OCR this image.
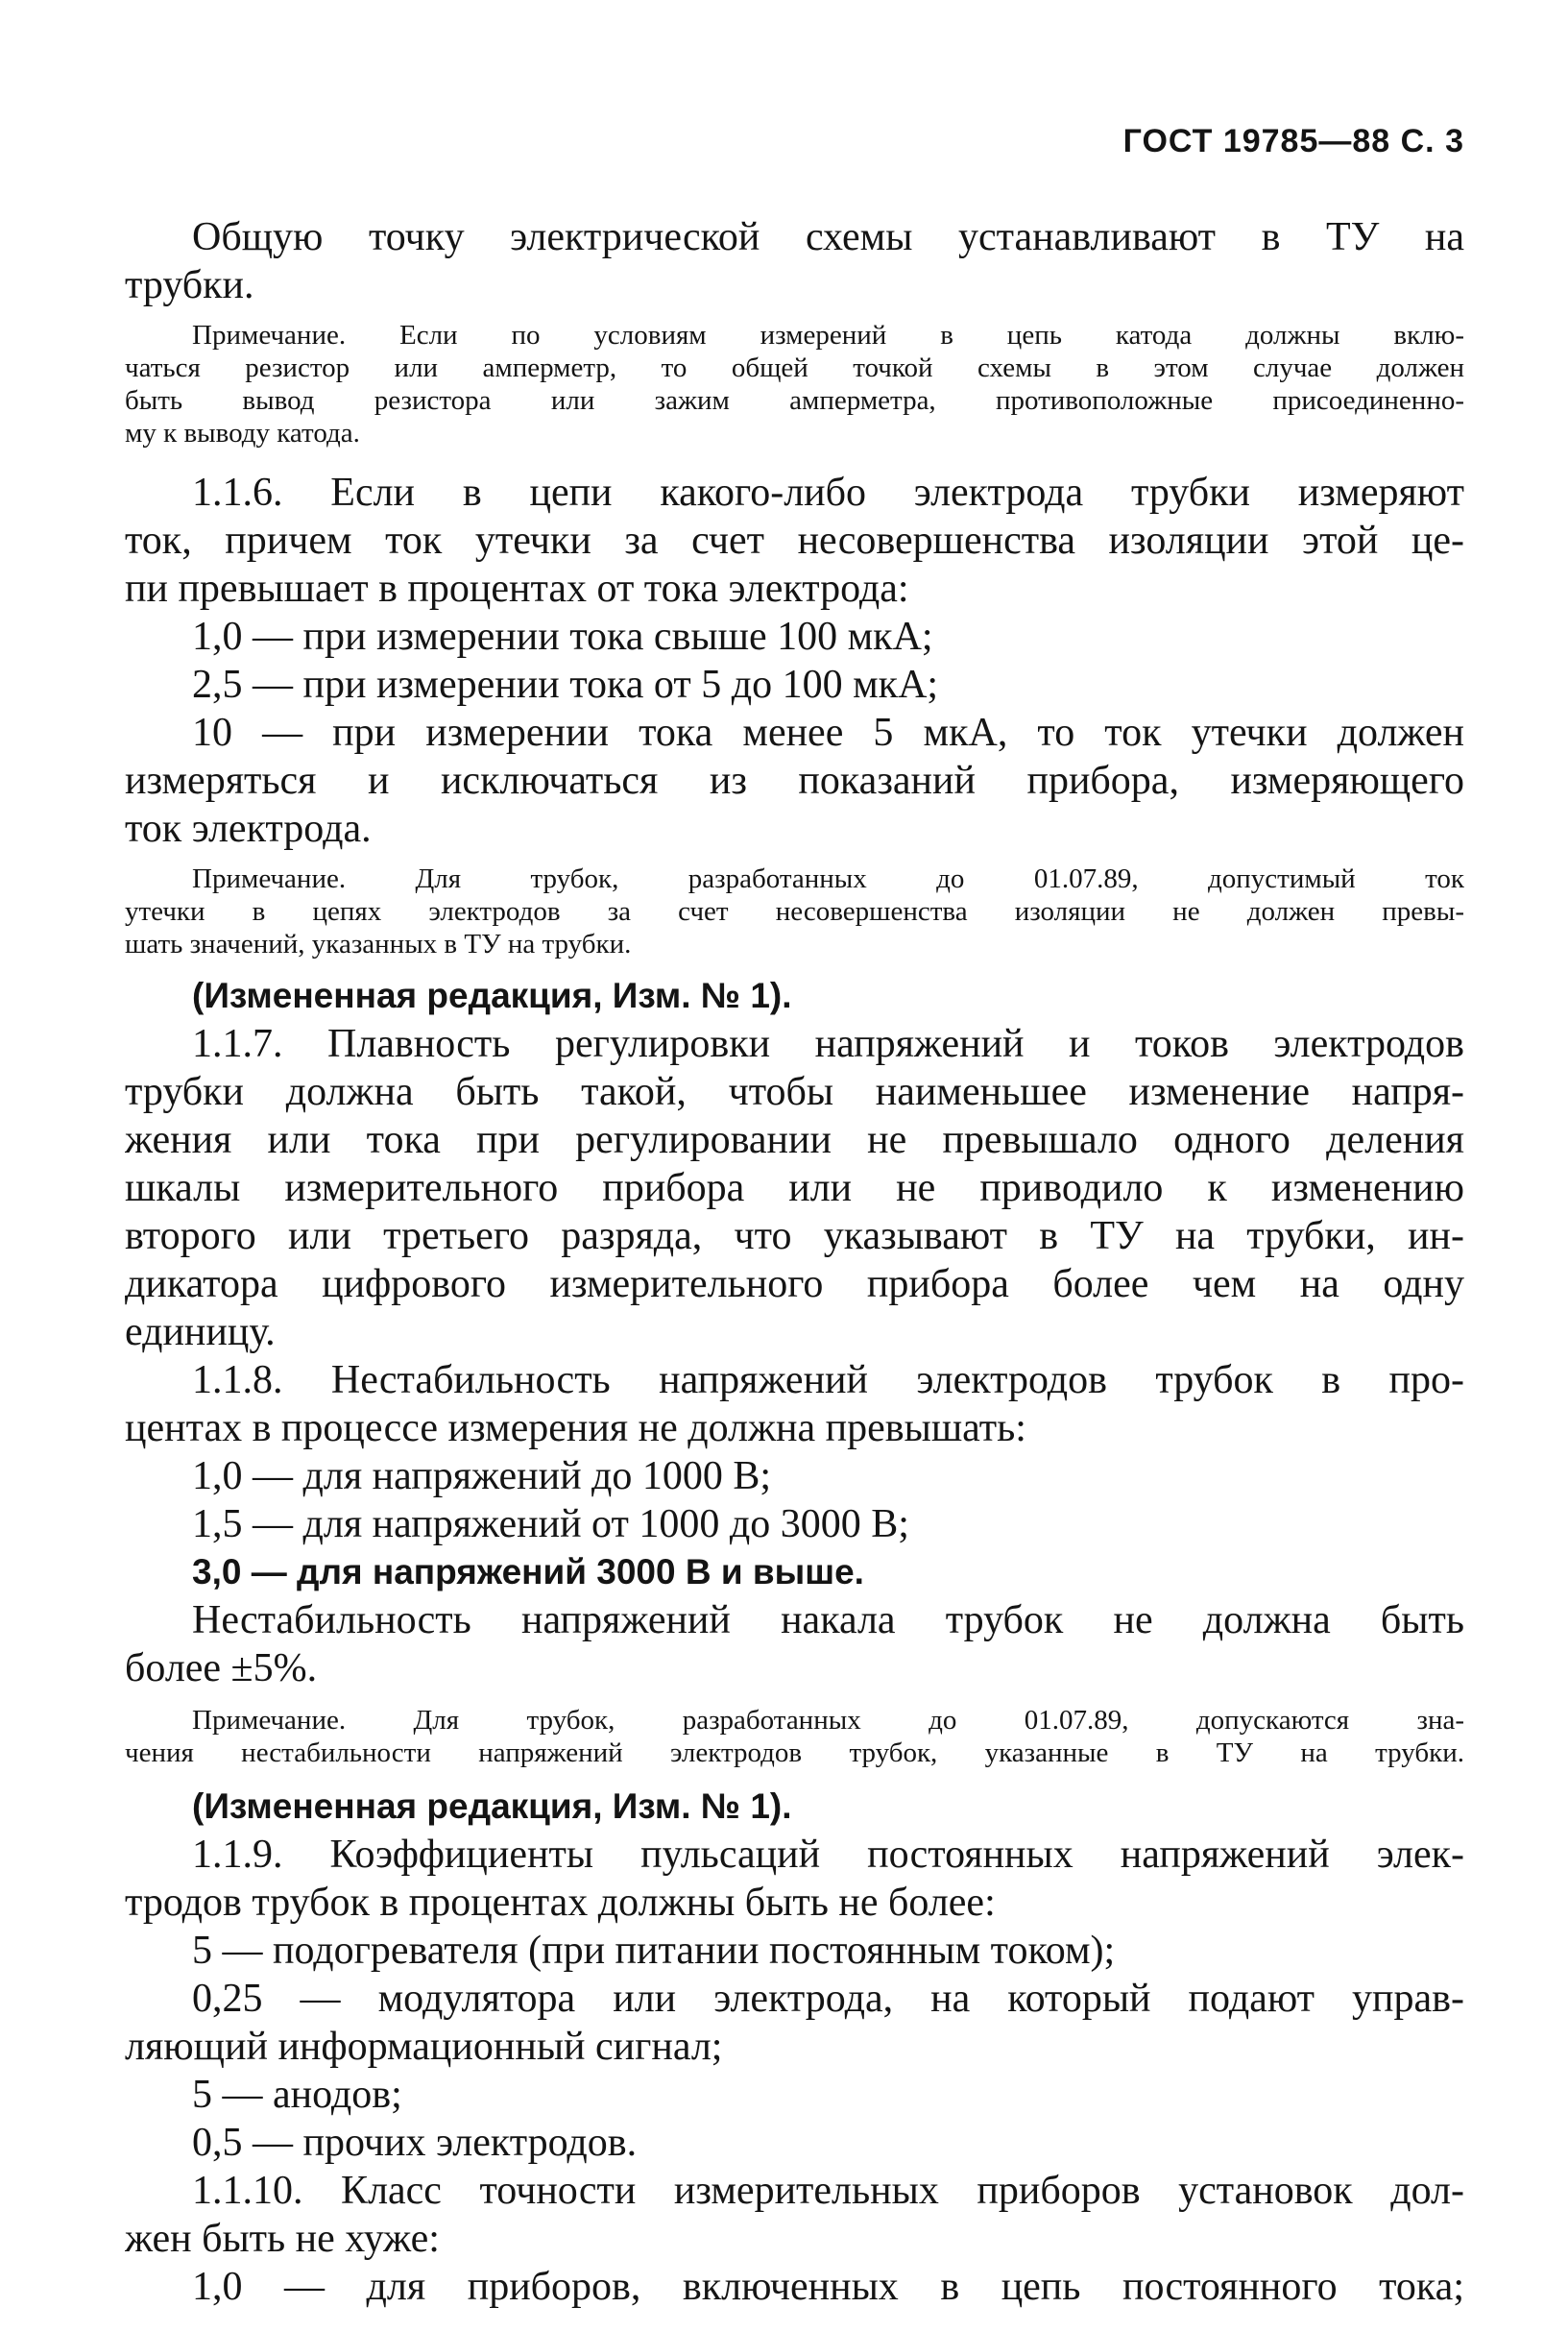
ГОСТ 19785—88 С. 3

Общую точку электрической схемы устанавливают в ТУ на

трубки.

Примечание. Если по условиям измерений в цепь катода должны вклю-

чаться резистор или амперметр, то общей точкой схемы в этом случае должен

быть вывод резистора или зажим амперметра, противоположные присоединенно-

му к выводу катода.

1.1.6. Если в цепи какого-либо электрода трубки измеряют

ток, причем ток утечки за счет несовершенства изоляции этой це-

пи превышает в процентах от тока электрода:

1,0 — при измерении тока свыше 100 мкА;

2,5 — при измерении тока от 5 до 100 мкА;

10 — при измерении тока менее 5 мкА, то ток утечки должен

измеряться и исключаться из показаний прибора, измеряющего

ток электрода.

Примечание. Для трубок, разработанных до 01.07.89, допустимый ток

утечки в цепях электродов за счет несовершенства изоляции не должен превы-

шать значений, указанных в ТУ на трубки.

(Измененная редакция, Изм. № 1).

1.1.7. Плавность регулировки напряжений и токов электродов

трубки должна быть такой, чтобы наименьшее изменение напря-

жения или тока при регулировании не превышало одного деления

шкалы измерительного прибора или не приводило к изменению

второго или третьего разряда, что указывают в ТУ на трубки, ин-

дикатора цифрового измерительного прибора более чем на одну

единицу.

1.1.8. Нестабильность напряжений электродов трубок в про-

центах в процессе измерения не должна превышать:

1,0 — для напряжений до 1000 В;

1,5 — для напряжений от 1000 до 3000 В;

3,0 — для напряжений 3000 В и выше.

Нестабильность напряжений накала трубок не должна быть

более ±5%.

Примечание. Для трубок, разработанных до 01.07.89, допускаются зна-

чения нестабильности напряжений электродов трубок, указанные в ТУ на трубки.

(Измененная редакция, Изм. № 1).

1.1.9. Коэффициенты пульсаций постоянных напряжений элек-

тродов трубок в процентах должны быть не более:

5 — подогревателя (при питании постоянным током);

0,25 — модулятора или электрода, на который подают управ-

ляющий информационный сигнал;

5 — анодов;

0,5 — прочих электродов.

1.1.10. Класс точности измерительных приборов установок дол-

жен быть не хуже:

1,0 — для приборов, включенных в цепь постоянного тока;
